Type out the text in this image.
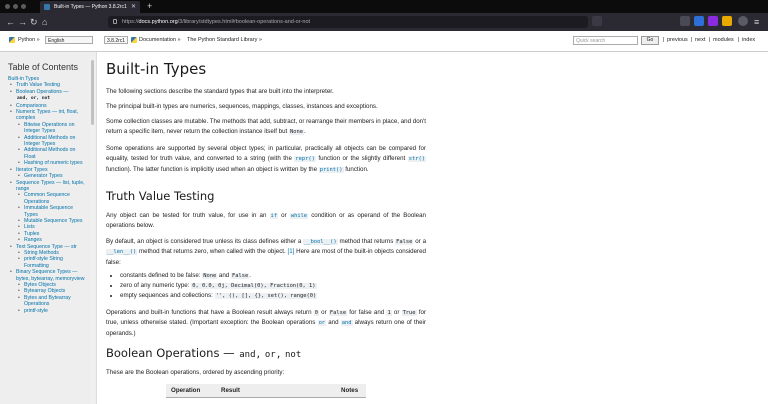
Built-in Types — Python 3.8.2rc1 ✕ +
← → ↻ ⌂	https://docs.python.org/3/library/stdtypes.html#boolean-operations-and-or-not	≡
Python »	English	3.8.2rc1	Documentation » The Python Standard Library »	Quick search	Go	| previous | next | modules | index
Table of Contents
Built-in Types
• Truth Value Testing
• Boolean Operations —
and, or, not
• Comparisons
• Numeric Types — int, float, complex
• Bitwise Operations on Integer Types
• Additional Methods on Integer Types
• Additional Methods on Float
• Hashing of numeric types
• Iterator Types
• Generator Types
• Sequence Types — list, tuple, range
• Common Sequence Operations
• Immutable Sequence Types
• Mutable Sequence Types
• Lists
• Tuples
• Ranges
• Text Sequence Type — str
• String Methods
• printf-style String Formatting
• Binary Sequence Types — bytes, bytearray, memoryview
• Bytes Objects
• Bytearray Objects
• Bytes and Bytearray Operations
• printf-style
Built-in Types

The following sections describe the standard types that are built into the interpreter.

The principal built-in types are numerics, sequences, mappings, classes, instances and exceptions.

Some collection classes are mutable. The methods that add, subtract, or rearrange their members in place, and don't return a specific item, never return the collection instance itself but None.

Some operations are supported by several object types; in particular, practically all objects can be compared for equality, tested for truth value, and converted to a string (with the repr() function or the slightly different str() function). The latter function is implicitly used when an object is written by the print() function.

Truth Value Testing

Any object can be tested for truth value, for use in an if or while condition or as operand of the Boolean operations below.

By default, an object is considered true unless its class defines either a __bool__() method that returns False or a __len__() method that returns zero, when called with the object. [1] Here are most of the built-in objects considered false:

• constants defined to be false: None and False.
• zero of any numeric type: 0, 0.0, 0j, Decimal(0), Fraction(0, 1)
• empty sequences and collections: '', (), [], {}, set(), range(0)

Operations and built-in functions that have a Boolean result always return 0 or False for false and 1 or True for true, unless otherwise stated. (Important exception: the Boolean operations or and and always return one of their operands.)

Boolean Operations — and, or, not

These are the Boolean operations, ordered by ascending priority:

Operation	Result	Notes
